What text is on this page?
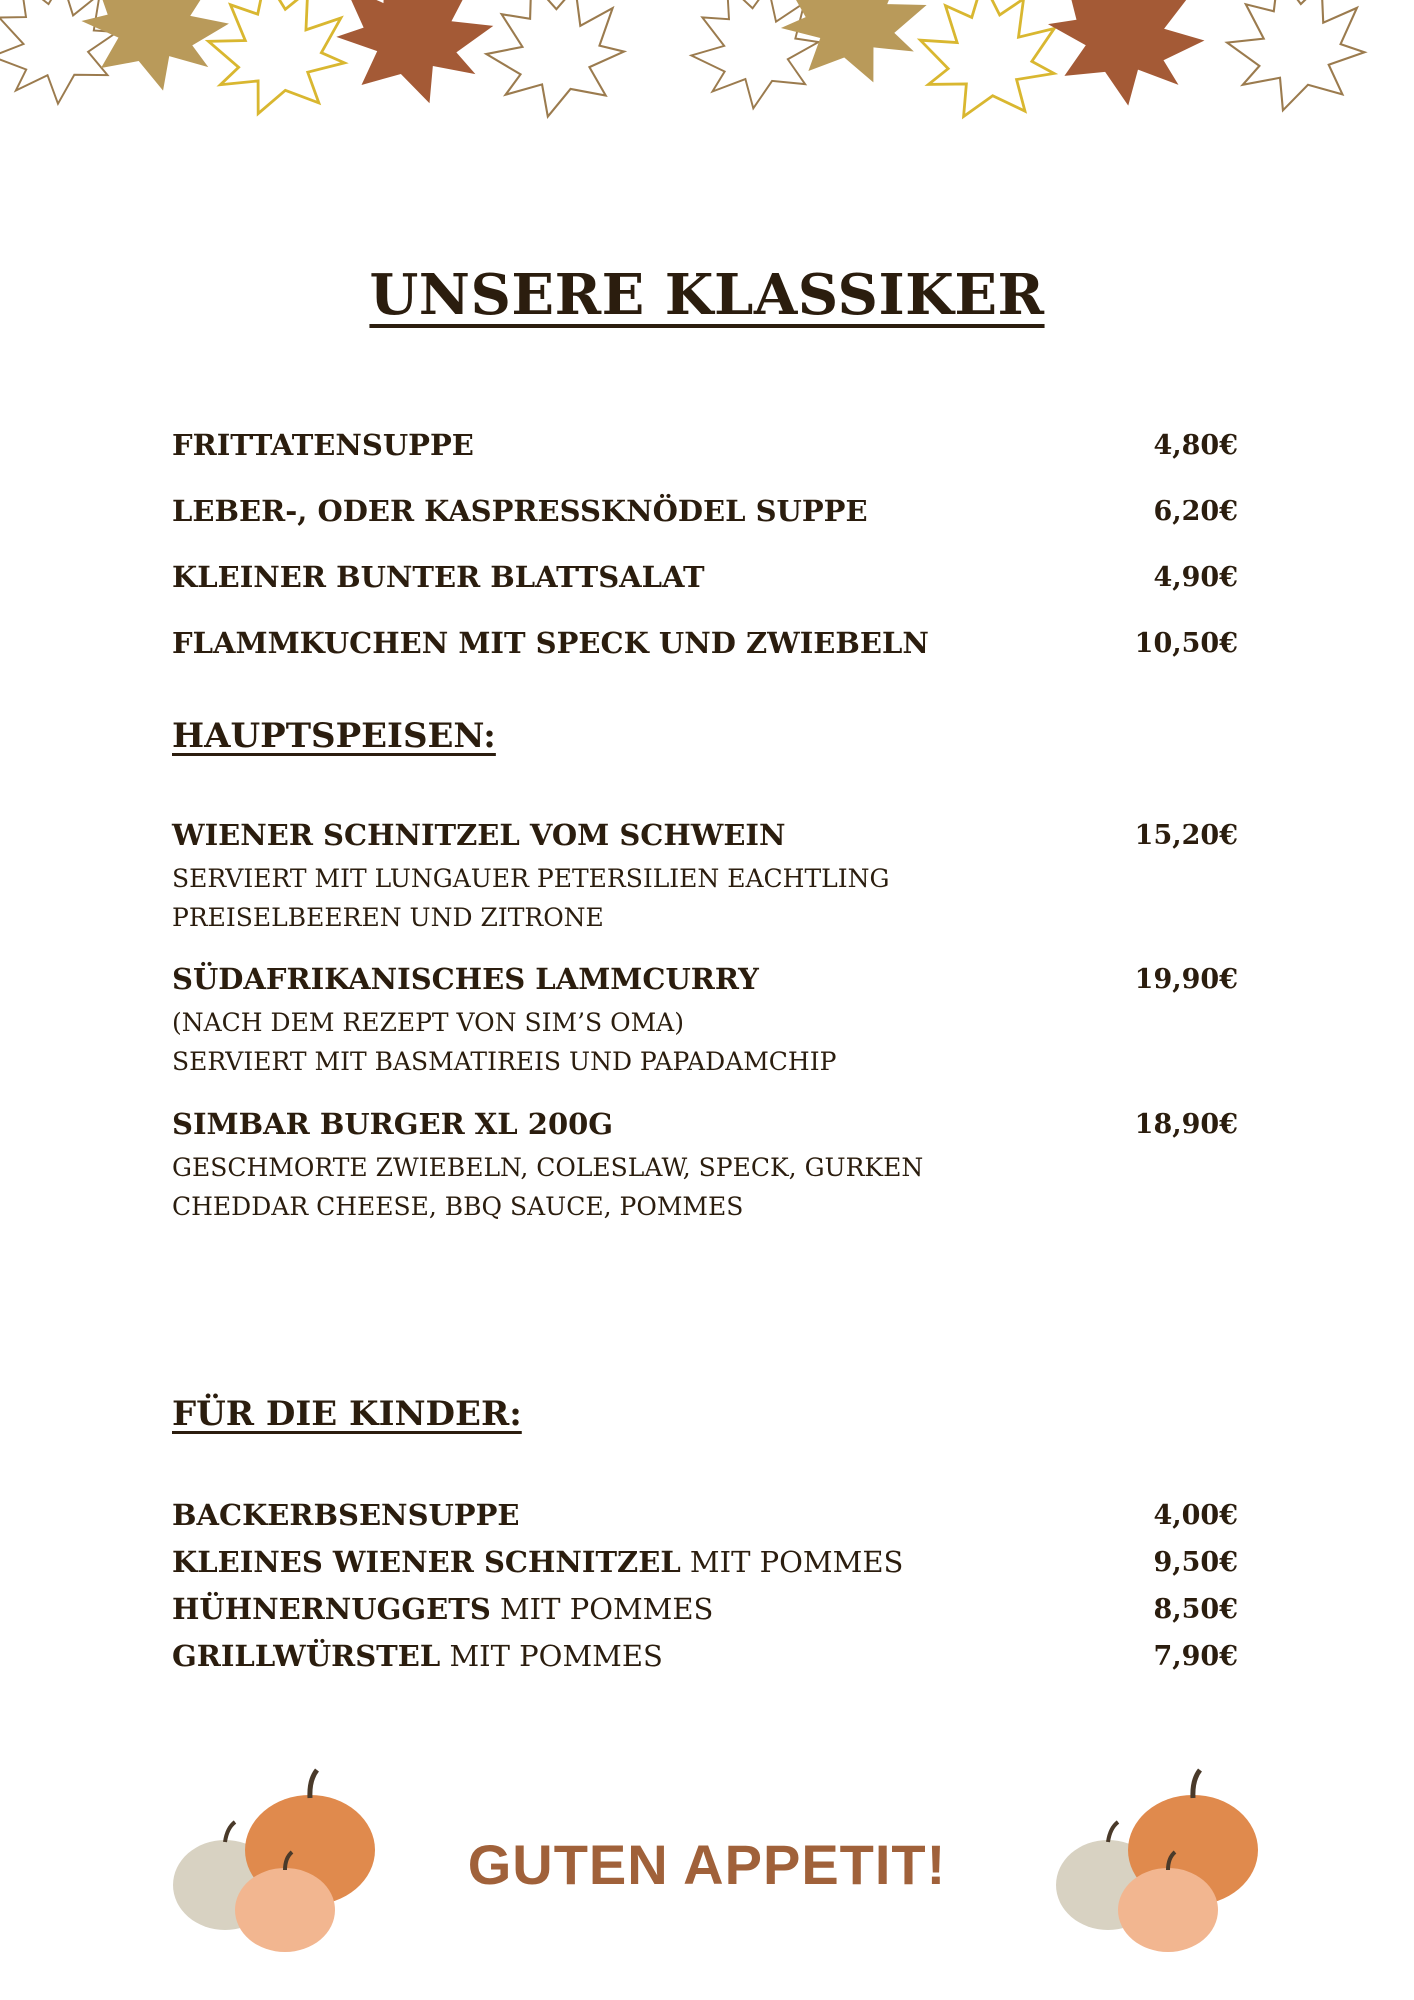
UNSERE KLASSIKER
FRITTATENSUPPE	4,80€
LEBER-, ODER KASPRESSKNÖDEL SUPPE	6,20€
KLEINER BUNTER BLATTSALAT	4,90€
FLAMMKUCHEN MIT SPECK UND ZWIEBELN	10,50€
HAUPTSPEISEN:
WIENER SCHNITZEL VOM SCHWEIN	15,20€
SERVIERT MIT LUNGAUER PETERSILIEN EACHTLING
PREISELBEEREN UND ZITRONE
SÜDAFRIKANISCHES LAMMCURRY	19,90€
(NACH DEM REZEPT VON SIM’S OMA)
SERVIERT MIT BASMATIREIS UND PAPADAMCHIP
SIMBAR BURGER XL 200G	18,90€
GESCHMORTE ZWIEBELN, COLESLAW, SPECK, GURKEN
CHEDDAR CHEESE, BBQ SAUCE, POMMES
FÜR DIE KINDER:
BACKERBSENSUPPE	4,00€
KLEINES WIENER SCHNITZEL MIT POMMES	9,50€
HÜHNERNUGGETS MIT POMMES	8,50€
GRILLWÜRSTEL MIT POMMES	7,90€
GUTEN APPETIT!
